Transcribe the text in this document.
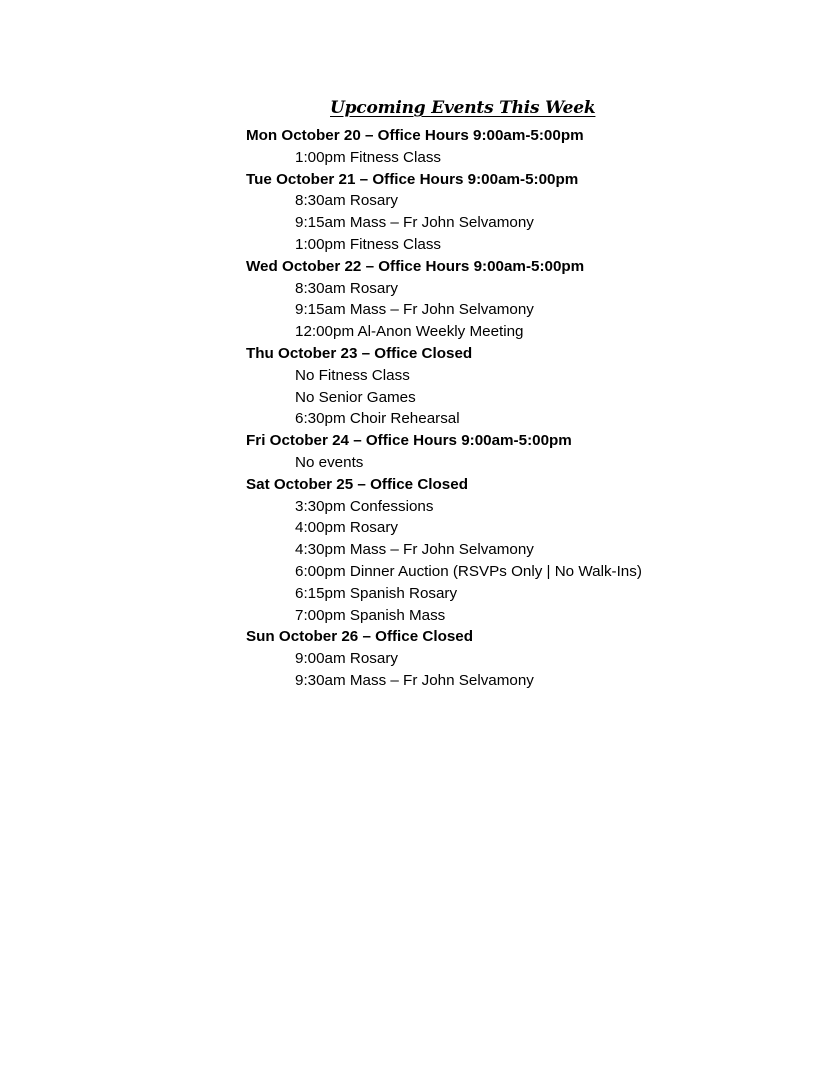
Upcoming Events This Week
Mon October 20 – Office Hours 9:00am-5:00pm
1:00pm Fitness Class
Tue October 21 – Office Hours 9:00am-5:00pm
8:30am Rosary
9:15am Mass – Fr John Selvamony
1:00pm Fitness Class
Wed October 22 – Office Hours 9:00am-5:00pm
8:30am Rosary
9:15am Mass – Fr John Selvamony
12:00pm Al-Anon Weekly Meeting
Thu October 23 – Office Closed
No Fitness Class
No Senior Games
6:30pm Choir Rehearsal
Fri October 24 – Office Hours 9:00am-5:00pm
No events
Sat October 25 – Office Closed
3:30pm Confessions
4:00pm Rosary
4:30pm Mass – Fr John Selvamony
6:00pm Dinner Auction (RSVPs Only | No Walk-Ins)
6:15pm Spanish Rosary
7:00pm Spanish Mass
Sun October 26 – Office Closed
9:00am Rosary
9:30am Mass – Fr John Selvamony
